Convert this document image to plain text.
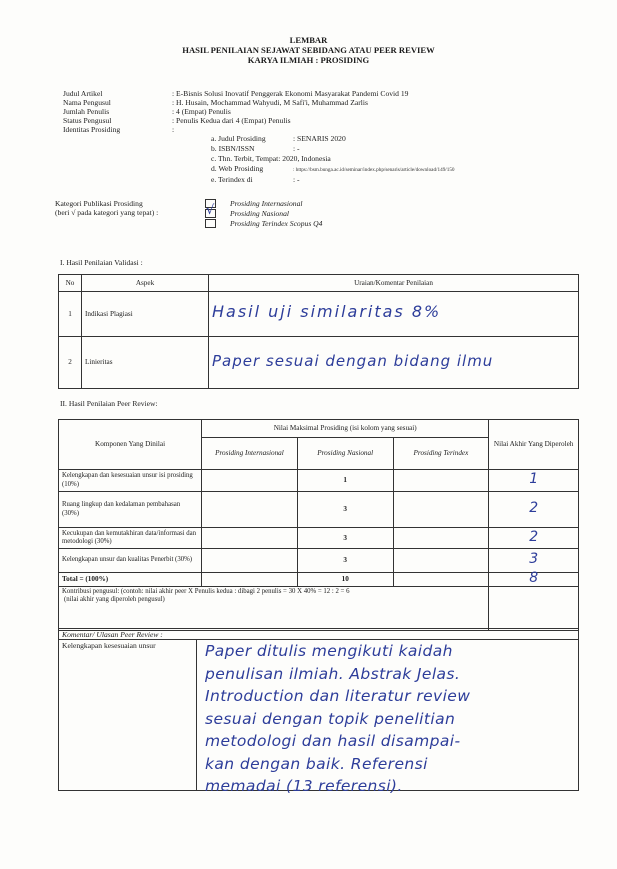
LEMBAR
HASIL PENILAIAN SEJAWAT SEBIDANG ATAU PEER REVIEW
KARYA ILMIAH : PROSIDING
Judul Artikel	: E-Bisnis Solusi Inovatif Penggerak Ekonomi Masyarakat Pandemi Covid 19
Nama Pengusul	: H. Husain, Mochammad Wahyudi, M Safi'i, Muhammad Zarlis
Jumlah Penulis	: 4 (Empat) Penulis
Status Pengusul	: Penulis Kedua dari 4 (Empat) Penulis
Identitas Prosiding	:
a. Judul Prosiding	: SENARIS 2020
b. ISBN/ISSN	: -
c. Thn. Terbit, Tempat: 2020, Indonesia
d. Web Prosiding	: https://bsm.bunga.ac.id/seminar/index.php/senaris/article/download/149/150
e. Terindex di	: -
Kategori Publikasi Prosiding
(beri √ pada kategori yang tepat) :	√ Prosiding Internasional
Prosiding Nasional
Prosiding Terindex Scopus Q4
I. Hasil Penilaian Validasi :
No	Aspek	Uraian/Komentar Penilaian
1	Indikasi Plagiasi	Hasil uji similaritas 8%
2	Linieritas	Paper sesuai dengan bidang ilmu
II. Hasil Penilaian Peer Review:
Komponen Yang Dinilai	Nilai Maksimal Prosiding (isi kolom yang sesuai)			Nilai Akhir Yang Diperoleh
	Prosiding Internasional	Prosiding Nasional	Prosiding Terindex	
Kelengkapan dan kesesuaian unsur isi prosiding (10%)		1		1
Ruang lingkup dan kedalaman pembahasan (30%)		3		2
Kecukupan dan kemutakhiran data/informasi dan metodologi (30%)		3		2
Kelengkapan unsur dan kualitas Penerbit (30%)		3		3
Total = (100%)		10		8

Kontribusi pengusul: (contoh: nilai akhir peer X Penulis kedua : dibagi 2 penulis = 30 X 40% = 12 : 2 = 6
(nilai akhir yang diperoleh pengusul)				

Komentar/ Ulasan Peer Review :
Kelengkapan kesesuaian unsur	Paper ditulis mengikuti kaidah
penulisan ilmiah. Abstrak Jelas.
Introduction dan literatur review
sesuai dengan topik penelitian
metodologi dan hasil disampai-
kan dengan baik. Referensi
memadai (13 referensi).
